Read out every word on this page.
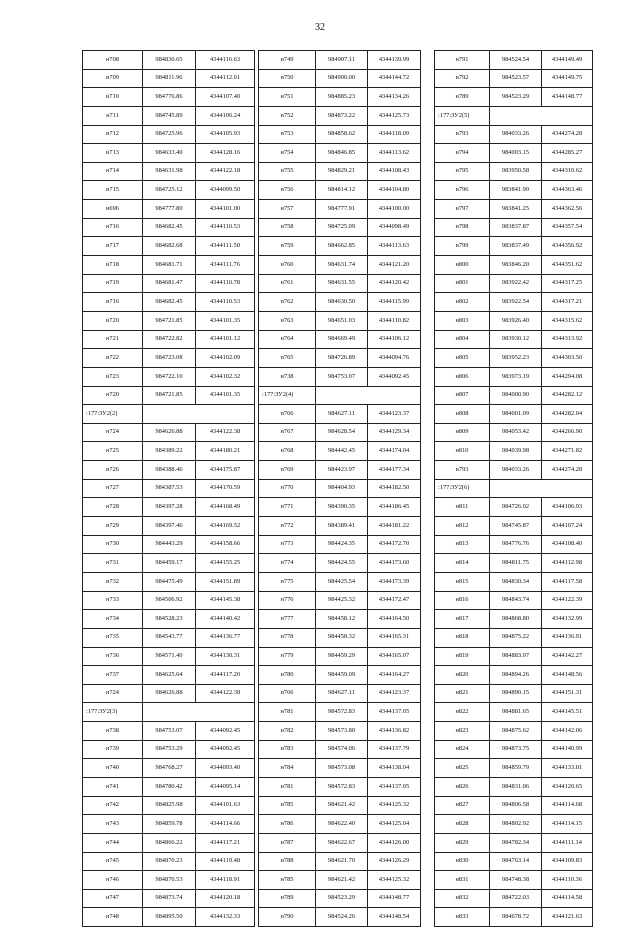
32
н708	984830.65	4344116.63
н709	984811.96	4344112.01
н710	984776.86	4344107.40
н711	984745.89	4344106.24
н712	984725.96	4344105.93
н713	984633.40	4344128.16
н714	984631.98	4344122.18
н715	984725.12	4344099.50
н696	984777.80	4344101.00
н716	984682.45	4344110.53
н717	984682.68	4344111.50
н718	984681.71	4344111.76
н719	984681.47	4344110.78
н716	984682.45	4344110.53
н720	984721.85	4344101.35
н721	984722.82	4344101.12
н722	984723.08	4344102.09
н723	984722.10	4344102.32
н720	984721.85	4344101.35
:177:ЗУ2(2)		
н724	984626.88	4344122.38
н725	984389.22	4344180.21
н726	984388.46	4344175.87
н727	984387.53	4344170.59
н728	984397.28	4344168.49
н729	984397.46	4344169.52
н730	984443.29	4344158.66
н731	984459.17	4344155.25
н732	984475.49	4344151.89
н733	984506.92	4344145.38
н734	984528.23	4344140.42
н735	984543.77	4344136.77
н736	984571.40	4344130.31
н737	984625.64	4344117.20
н724	984626.88	4344122.38
:177:ЗУ2(3)		
н738	984753.07	4344092.45
н739	984753.29	4344092.45
н740	984768.27	4344093.40
н741	984780.42	4344095.14
н742	984825.98	4344101.63
н743	984859.78	4344114.66
н744	984866.22	4344117.21
н745	984870.23	4344119.48
н746	984870.53	4344118.91
н747	984873.74	4344120.18
н748	984895.50	4344132.33
н749	984907.11	4344139.99
н750	984900.00	4344144.72
н751	984885.23	4344134.26
н752	984873.22	4344125.73
н753	984858.62	4344118.09
н754	984846.85	4344113.62
н755	984829.21	4344108.43
н756	984814.12	4344104.80
н757	984777.91	4344100.00
н758	984725.09	4344098.49
н759	984662.85	4344113.63
н760	984631.74	4344121.20
н761	984631.55	4344120.42
н762	984630.50	4344115.99
н763	984651.03	4344110.82
н764	984669.49	4344106.12
н765	984726.89	4344094.76
н738	984753.07	4344092.45
:177:ЗУ2(4)		
н766	984627.11	4344123.37
н767	984628.54	4344129.34
н768	984442.45	4344174.04
н769	984423.97	4344177.34
н770	984404.93	4344182.50
н771	984390.35	4344186.45
н772	984389.41	4344181.22
н773	984424.35	4344172.70
н774	984424.55	4344173.60
н775	984425.54	4344173.39
н776	984425.32	4344172.47
н777	984458.12	4344164.50
н778	984458.32	4344165.31
н779	984459.29	4344165.07
н780	984459.09	4344164.27
н766	984627.11	4344123.37
н781	984572.83	4344137.05
н782	984573.80	4344136.82
н783	984574.06	4344137.79
н784	984573.08	4344138.04
н781	984572.83	4344137.05
н785	984621.42	4344125.32
н786	984622.40	4344125.04
н787	984622.67	4344126.00
н788	984621.70	4344126.29
н785	984621.42	4344125.32
н789	984523.29	4344148.77
н790	984524.26	4344148.54
н791	984524.54	4344149.49
н792	984523.57	4344149.75
н789	984523.29	4344148.77
:177:ЗУ2(5)		
н793	984033.26	4344274.28
н794	984003.15	4344285.27
н795	983950.58	4344310.62
н796	983841.90	4344363.46
н797	983841.25	4344362.56
н798	983837.87	4344357.54
н799	983837.49	4344356.92
н800	983846.20	4344351.62
н801	983922.42	4344317.25
н802	983922.54	4344317.21
н803	983926.40	4344315.62
н804	983930.12	4344313.92
н805	983952.23	4344303.50
н806	983973.19	4344294.08
н807	984000.90	4344282.12
н808	984001.09	4344282.04
н809	984053.42	4344266.90
н810	984039.98	4344271.82
н793	984033.26	4344274.28
:177:ЗУ2(6)		
н811	984726.02	4344106.93
н812	984745.87	4344107.24
н813	984776.76	4344108.40
н814	984811.75	4344112.98
н815	984830.34	4344117.58
н816	984843.74	4344122.39
н817	984868.80	4344132.99
н818	984875.22	4344136.91
н819	984883.97	4344142.27
н820	984894.26	4344148.56
н821	984890.15	4344151.31
н822	984881.65	4344145.51
н823	984875.62	4344142.06
н824	984873.75	4344140.99
н825	984859.79	4344133.01
н826	984831.06	4344120.65
н827	984806.58	4344114.68
н828	984802.92	4344114.15
н829	984782.34	4344111.14
н830	984763.14	4344109.83
н831	984748.38	4344110.36
н832	984722.03	4344114.58
н833	984678.72	4344121.63
